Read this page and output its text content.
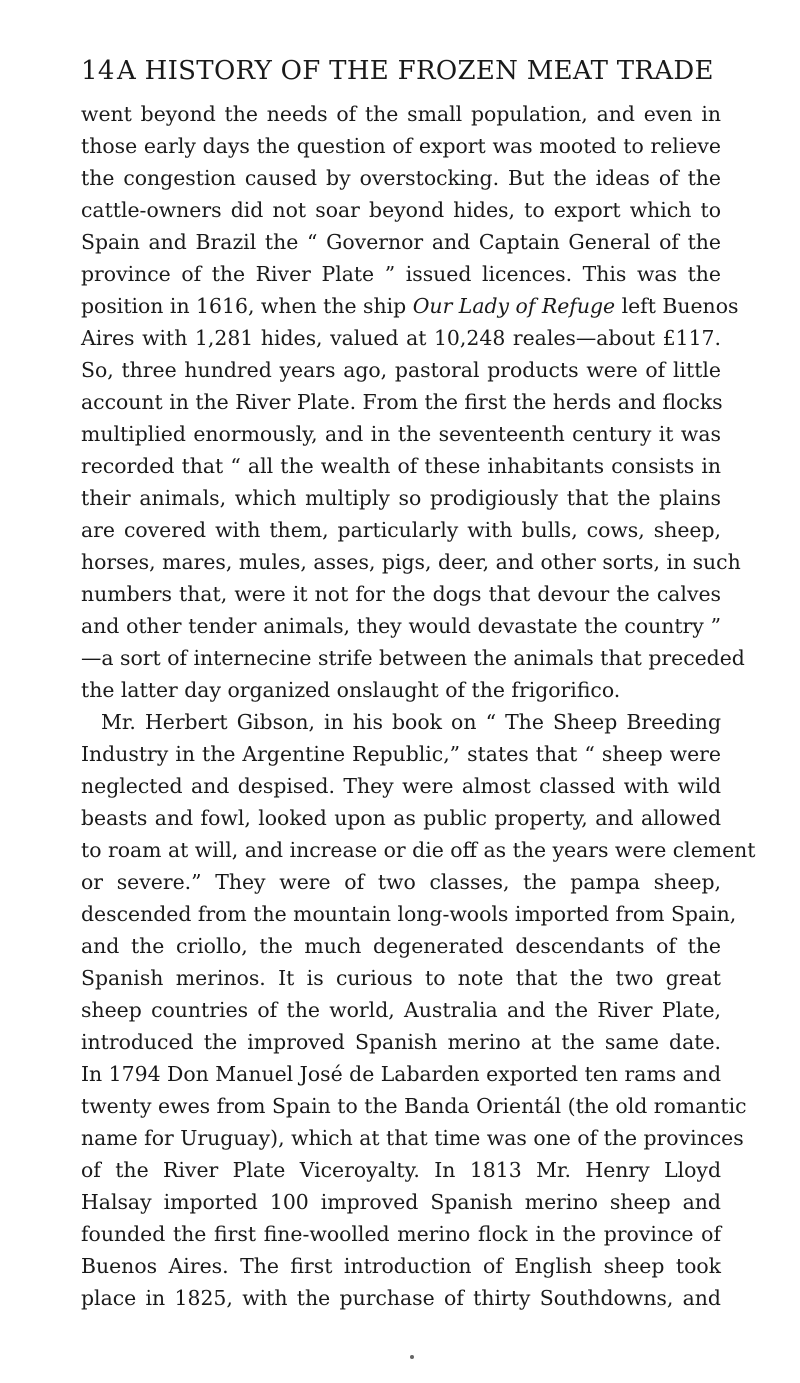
14A HISTORY OF THE FROZEN MEAT TRADE
went beyond the needs of the small population, and even in
those early days the question of export was mooted to relieve
the congestion caused by overstocking. But the ideas of the
cattle-owners did not soar beyond hides, to export which to
Spain and Brazil the “ Governor and Captain General of the
province of the River Plate ” issued licences. This was the
position in 1616, when the ship Our Lady of Refuge left Buenos
Aires with 1,281 hides, valued at 10,248 reales—about £117.
So, three hundred years ago, pastoral products were of little
account in the River Plate. From the first the herds and flocks
multiplied enormously, and in the seventeenth century it was
recorded that “ all the wealth of these inhabitants consists in
their animals, which multiply so prodigiously that the plains
are covered with them, particularly with bulls, cows, sheep,
horses, mares, mules, asses, pigs, deer, and other sorts, in such
numbers that, were it not for the dogs that devour the calves
and other tender animals, they would devastate the country ”
—a sort of internecine strife between the animals that preceded
the latter day organized onslaught of the frigorifico.
Mr. Herbert Gibson, in his book on “ The Sheep Breeding
Industry in the Argentine Republic,” states that “ sheep were
neglected and despised. They were almost classed with wild
beasts and fowl, looked upon as public property, and allowed
to roam at will, and increase or die off as the years were clement
or severe.” They were of two classes, the pampa sheep,
descended from the mountain long-wools imported from Spain,
and the criollo, the much degenerated descendants of the
Spanish merinos. It is curious to note that the two great
sheep countries of the world, Australia and the River Plate,
introduced the improved Spanish merino at the same date.
In 1794 Don Manuel José de Labarden exported ten rams and
twenty ewes from Spain to the Banda Orientál (the old romantic
name for Uruguay), which at that time was one of the provinces
of the River Plate Viceroyalty. In 1813 Mr. Henry Lloyd
Halsay imported 100 improved Spanish merino sheep and
founded the first fine-woolled merino flock in the province of
Buenos Aires. The first introduction of English sheep took
place in 1825, with the purchase of thirty Southdowns, and
